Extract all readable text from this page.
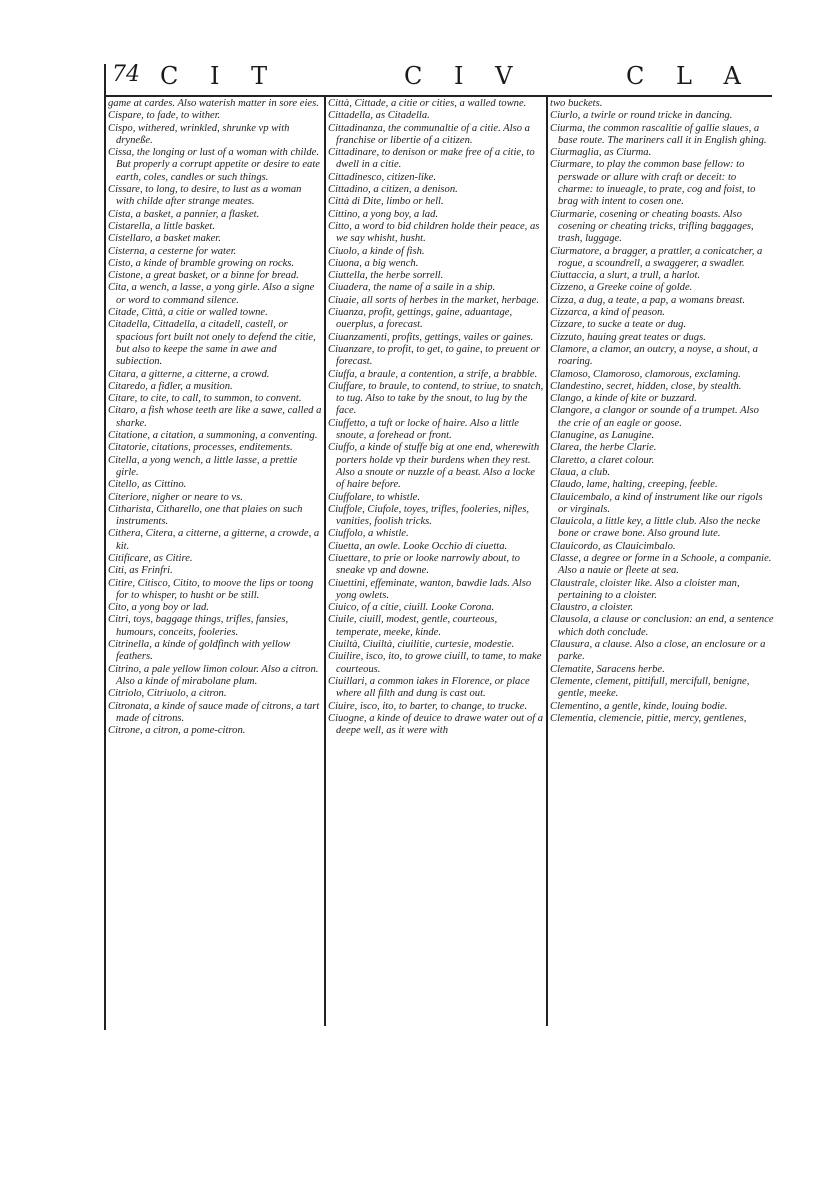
74 C I T	C I V	C L A

game at cardes. Also waterish matter in sore eies.

Cispare, to fade, to wither.

Cispo, withered, wrinkled, shrunke vp with dryneße.

Cissa, the longing or lust of a woman with childe. But properly a corrupt appetite or desire to eate earth, coles, candles or such things.

Cissare, to long, to desire, to lust as a woman with childe after strange meates.

Cista, a basket, a pannier, a flasket.

Cistarella, a little basket.

Cistellaro, a basket maker.

Cisterna, a cesterne for water.

Cisto, a kinde of bramble growing on rocks.

Cistone, a great basket, or a binne for bread.

Cita, a wench, a lasse, a yong girle. Also a signe or word to command silence.

Citade, Città, a citie or walled towne.

Citadella, Cittadella, a citadell, castell, or spacious fort built not onely to defend the citie, but also to keepe the same in awe and subiection.

Citara, a gitterne, a citterne, a crowd.

Citaredo, a fidler, a musition.

Citare, to cite, to call, to summon, to convent.

Citaro, a fish whose teeth are like a sawe, called a sharke.

Citatione, a citation, a summoning, a conventing.

Citatorie, citations, processes, enditements.

Citella, a yong wench, a little lasse, a prettie girle.

Citello, as Cittino.

Citeriore, nigher or neare to vs.

Citharista, Citharello, one that plaies on such instruments.

Cithera, Citera, a citterne, a gitterne, a crowde, a kit.

Citificare, as Citire.

Citi, as Frinfri.

Citire, Citisco, Citito, to moove the lips or toong for to whisper, to husht or be still.

Cito, a yong boy or lad.

Citri, toys, baggage things, trifles, fansies, humours, conceits, fooleries.

Citrinella, a kinde of goldfinch with yellow feathers.

Citrino, a pale yellow limon colour. Also a citron. Also a kinde of mirabolane plum.

Citriolo, Citriuolo, a citron.

Citronata, a kinde of sauce made of citrons, a tart made of citrons.

Citrone, a citron, a pome-citron.

Città, Cittade, a citie or cities, a walled towne.

Cittadella, as Citadella.

Cittadinanza, the communaltie of a citie. Also a franchise or libertie of a citizen.

Cittadinare, to denison or make free of a citie, to dwell in a citie.

Cittadinesco, citizen-like.

Cittadino, a citizen, a denison.

Città di Dite, limbo or hell.

Cittino, a yong boy, a lad.

Citto, a word to bid children holde their peace, as we say whisht, husht.

Ciuolo, a kinde of fish.

Ciuona, a big wench.

Ciuttella, the herbe sorrell.

Ciuadera, the name of a saile in a ship.

Ciuaie, all sorts of herbes in the market, herbage.

Ciuanza, profit, gettings, gaine, aduantage, ouerplus, a forecast.

Ciuanzamenti, profits, gettings, vailes or gaines.

Ciuanzare, to profit, to get, to gaine, to preuent or forecast.

Ciuffa, a braule, a contention, a strife, a brabble.

Ciuffare, to braule, to contend, to striue, to snatch, to tug. Also to take by the snout, to lug by the face.

Ciuffetto, a tuft or locke of haire. Also a little snoute, a forehead or front.

Ciuffo, a kinde of stuffe big at one end, wherewith porters holde vp their burdens when they rest. Also a snoute or nuzzle of a beast. Also a locke of haire before.

Ciuffolare, to whistle.

Ciuffole, Ciufole, toyes, trifles, fooleries, nifles, vanities, foolish tricks.

Ciuffolo, a whistle.

Ciuetta, an owle. Looke Occhio di ciuetta.

Ciuettare, to prie or looke narrowly about, to sneake vp and downe.

Ciuettini, effeminate, wanton, bawdie lads. Also yong owlets.

Ciuico, of a citie, ciuill. Looke Corona.

Ciuile, ciuill, modest, gentle, courteous, temperate, meeke, kinde.

Ciuiltà, Ciuiltà, ciuilitie, curtesie, modestie.

Ciuilire, isco, ito, to growe ciuill, to tame, to make courteous.

Ciuillari, a common iakes in Florence, or place where all filth and dung is cast out.

Ciuire, isco, ito, to barter, to change, to trucke.

Ciuogne, a kinde of deuice to drawe water out of a deepe well, as it were with

two buckets.

Ciurlo, a twirle or round tricke in dancing.

Ciurma, the common rascalitie of gallie slaues, a base route. The mariners call it in English ghing.

Ciurmaglia, as Ciurma.

Ciurmare, to play the common base fellow: to perswade or allure with craft or deceit: to charme: to inueagle, to prate, cog and foist, to brag with intent to cosen one.

Ciurmarie, cosening or cheating boasts. Also cosening or cheating tricks, trifling baggages, trash, luggage.

Ciurmatore, a bragger, a prattler, a conicatcher, a rogue, a scoundrell, a swaggerer, a swadler.

Ciuttaccia, a slurt, a trull, a harlot.

Cizzeno, a Greeke coine of golde.

Cizza, a dug, a teate, a pap, a womans breast.

Cizzarca, a kind of peason.

Cizzare, to sucke a teate or dug.

Cizzuto, hauing great teates or dugs.

Clamore, a clamor, an outcry, a noyse, a shout, a roaring.

Clamoso, Clamoroso, clamorous, exclaming.

Clandestino, secret, hidden, close, by stealth.

Clango, a kinde of kite or buzzard.

Clangore, a clangor or sounde of a trumpet. Also the crie of an eagle or goose.

Clanugine, as Lanugine.

Clarea, the herbe Clarie.

Claretto, a claret colour.

Claua, a club.

Claudo, lame, halting, creeping, feeble.

Clauicembalo, a kind of instrument like our rigols or virginals.

Clauicola, a little key, a little club. Also the necke bone or crawe bone. Also ground lute.

Clauicordo, as Clauicimbalo.

Classe, a degree or forme in a Schoole, a companie. Also a nauie or fleete at sea.

Claustrale, cloister like. Also a cloister man, pertaining to a cloister.

Claustro, a cloister.

Clausola, a clause or conclusion: an end, a sentence which doth conclude.

Clausura, a clause. Also a close, an enclosure or a parke.

Clematite, Saracens herbe.

Clemente, clement, pittifull, mercifull, benigne, gentle, meeke.

Clementino, a gentle, kinde, louing bodie.

Clementia, clemencie, pittie, mercy, gentlenes,
